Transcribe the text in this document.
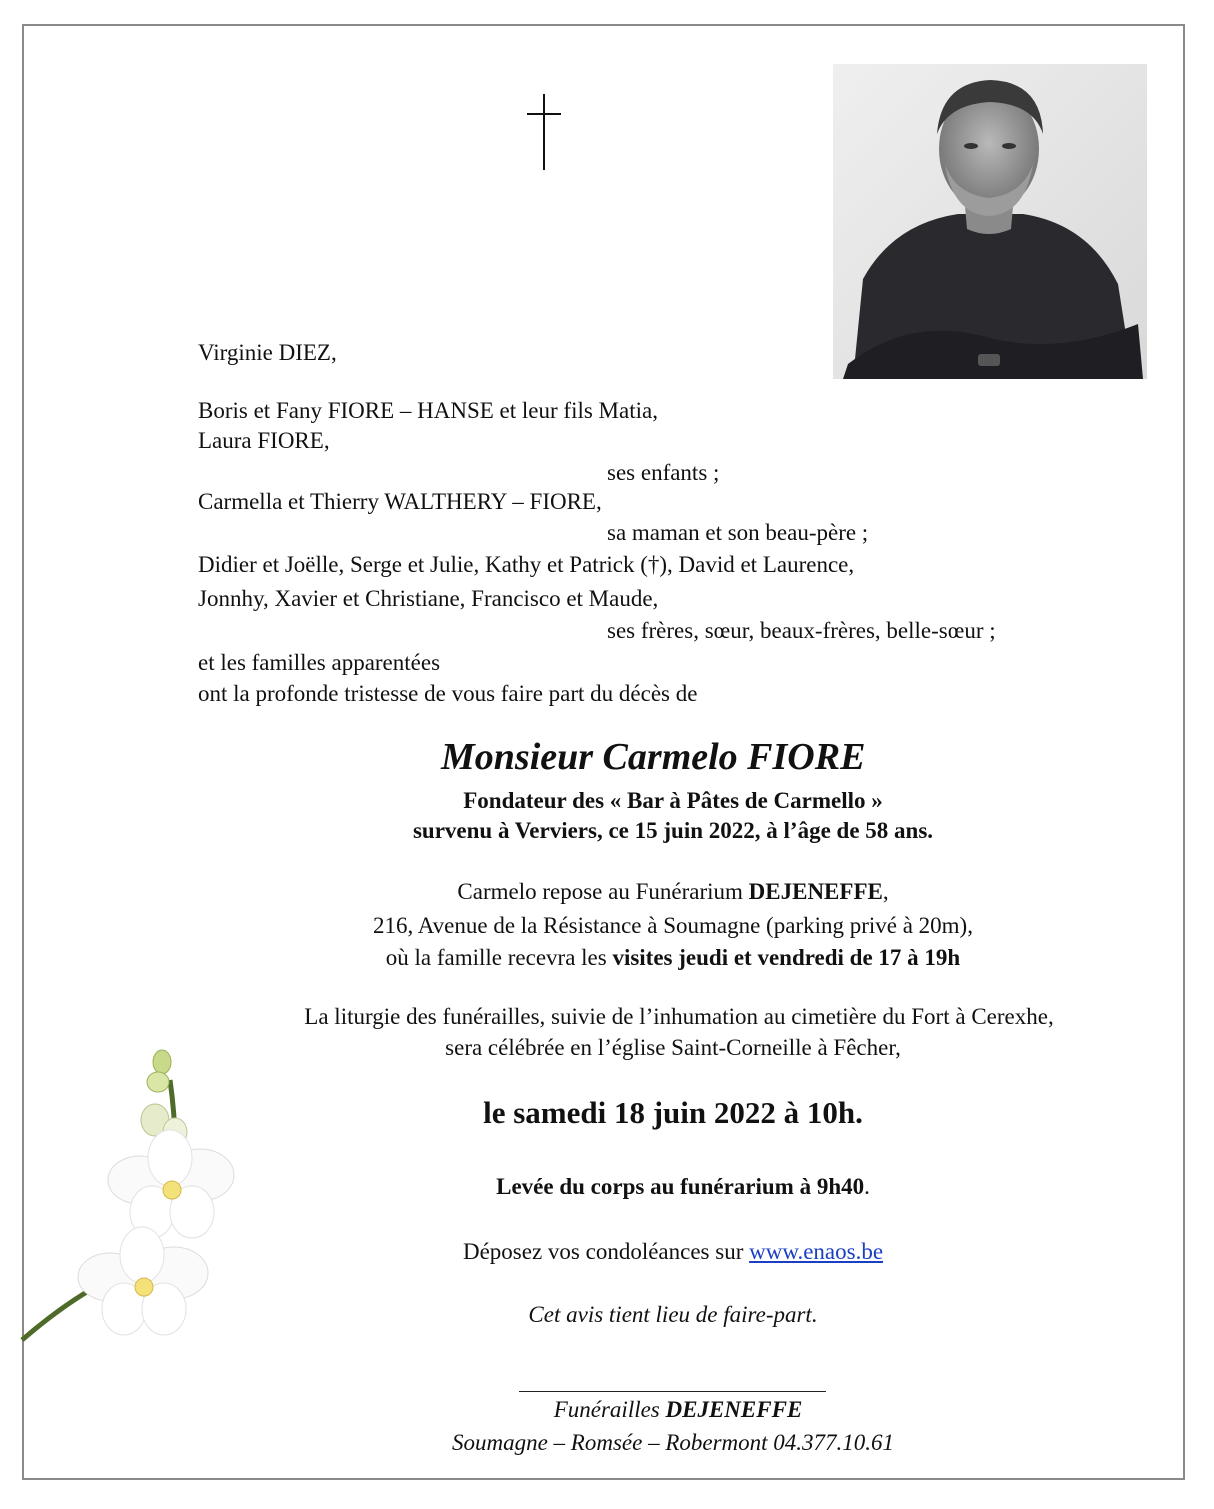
Virginie DIEZ,
Boris et Fany FIORE – HANSE et leur fils Matia,
Laura FIORE,
ses enfants ;
Carmella et Thierry WALTHERY – FIORE,
sa maman et son beau-père ;
Didier et Joëlle, Serge et Julie, Kathy et Patrick (†), David et Laurence,
Jonnhy, Xavier et Christiane, Francisco et Maude,
ses frères, sœur, beaux-frères, belle-sœur ;
et les familles apparentées
ont la profonde tristesse de vous faire part du décès de
Monsieur Carmelo FIORE
Fondateur des « Bar à Pâtes de Carmello »
survenu à Verviers, ce 15 juin 2022, à l’âge de 58 ans.
Carmelo repose au Funérarium DEJENEFFE,
216, Avenue de la Résistance à Soumagne (parking privé à 20m),
où la famille recevra les visites jeudi et vendredi de 17 à 19h
La liturgie des funérailles, suivie de l’inhumation au cimetière du Fort à Cerexhe,
sera célébrée en l’église Saint-Corneille à Fêcher,
le samedi 18 juin 2022 à 10h.
Levée du corps au funérarium à 9h40.
Déposez vos condoléances sur www.enaos.be
Cet avis tient lieu de faire-part.
Funérailles DEJENEFFE
Soumagne – Romsée – Robermont 04.377.10.61
